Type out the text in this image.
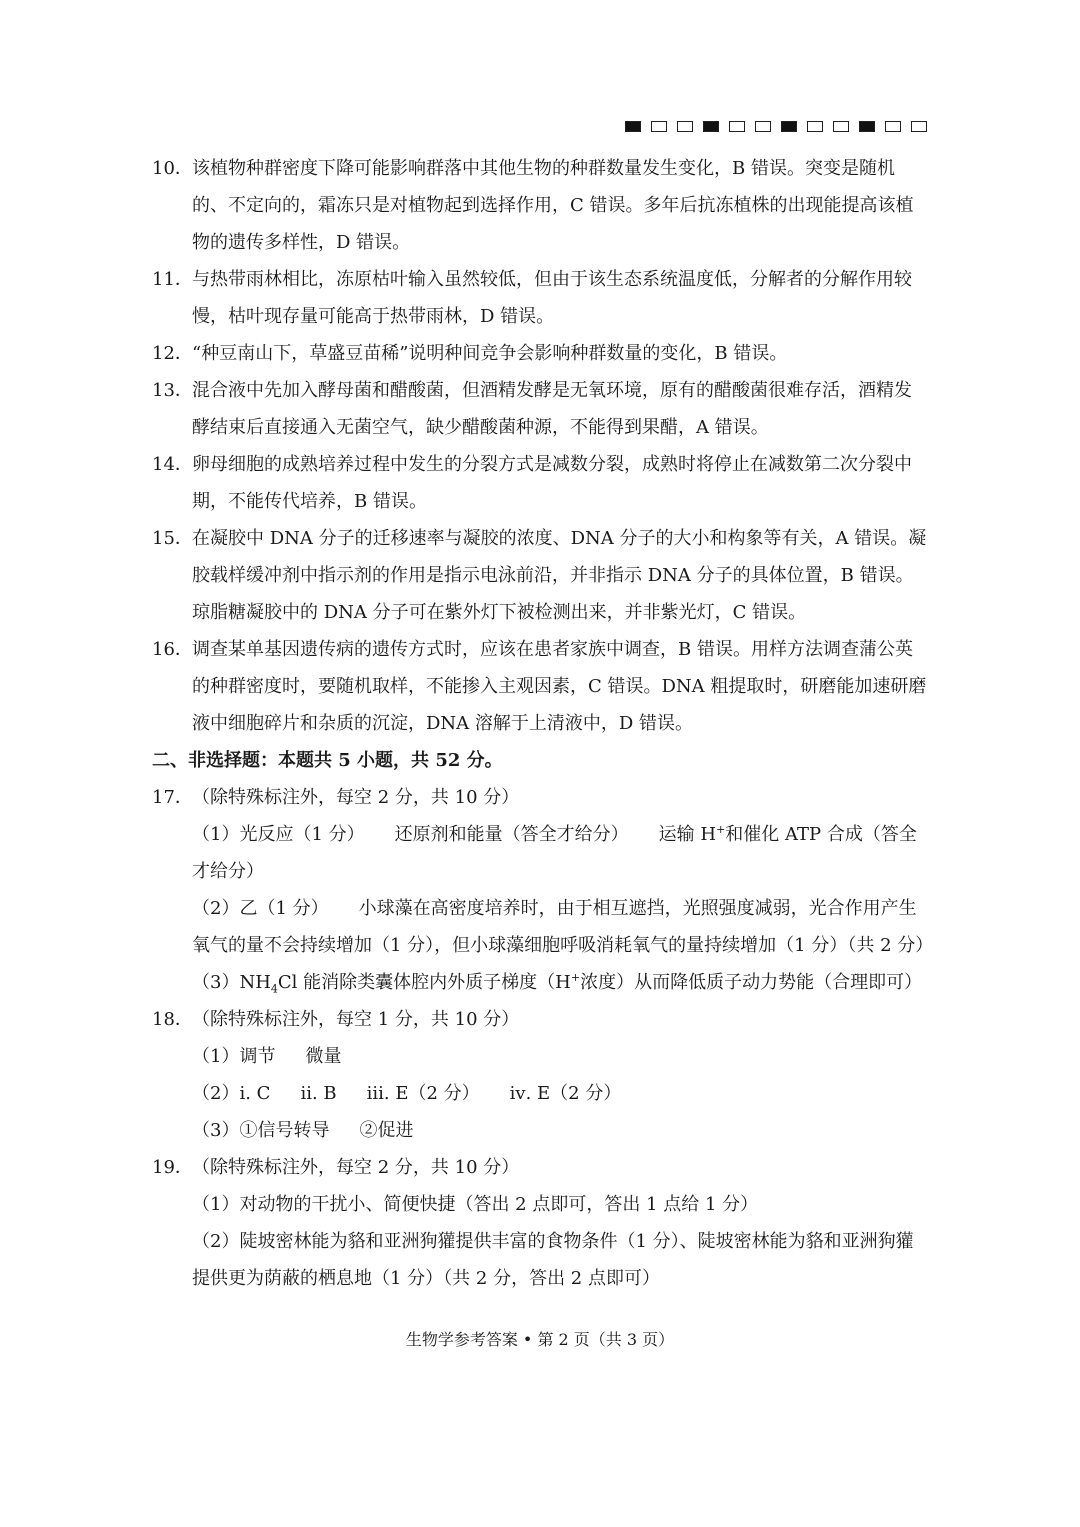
10． 该植物种群密度下降可能影响群落中其他生物的种群数量发生变化，B 错误。突变是随机的、不定向的，霜冻只是对植物起到选择作用，C 错误。多年后抗冻植株的出现能提高该植物的遗传多样性，D 错误。
11． 与热带雨林相比，冻原枯叶输入虽然较低，但由于该生态系统温度低，分解者的分解作用较慢，枯叶现存量可能高于热带雨林，D 错误。
12． “种豆南山下，草盛豆苗稀”说明种间竞争会影响种群数量的变化，B 错误。
13． 混合液中先加入酵母菌和醋酸菌，但酒精发酵是无氧环境，原有的醋酸菌很难存活，酒精发酵结束后直接通入无菌空气，缺少醋酸菌种源，不能得到果醋，A 错误。
14． 卵母细胞的成熟培养过程中发生的分裂方式是减数分裂，成熟时将停止在减数第二次分裂中期，不能传代培养，B 错误。
15． 在凝胶中 DNA 分子的迁移速率与凝胶的浓度、DNA 分子的大小和构象等有关，A 错误。凝胶载样缓冲剂中指示剂的作用是指示电泳前沿，并非指示 DNA 分子的具体位置，B 错误。琼脂糖凝胶中的 DNA 分子可在紫外灯下被检测出来，并非紫光灯，C 错误。
16． 调查某单基因遗传病的遗传方式时，应该在患者家族中调查，B 错误。用样方法调查蒲公英的种群密度时，要随机取样，不能掺入主观因素，C 错误。DNA 粗提取时，研磨能加速研磨液中细胞碎片和杂质的沉淀，DNA 溶解于上清液中，D 错误。
二、非选择题：本题共 5 小题，共 52 分。
17． （除特殊标注外，每空 2 分，共 10 分）
（1）光反应（1 分） 还原剂和能量（答全才给分） 运输 H+和催化 ATP 合成（答全才给分）
（2）乙（1 分） 小球藻在高密度培养时，由于相互遮挡，光照强度减弱，光合作用产生氧气的量不会持续增加（1 分），但小球藻细胞呼吸消耗氧气的量持续增加（1 分）（共 2 分）
$(3)NH_4Cl$ 能消除类囊体腔内外质子梯度（H+浓度）从而降低质子动力势能（合理即可）
18． （除特殊标注外，每空 1 分，共 10 分）
（1）调节 微量
（2）ⅰ. C ⅱ. B ⅲ. E（2 分） ⅳ. E（2 分）
（3）①信号转导 ②促进
19． （除特殊标注外，每空 2 分，共 10 分）
（1）对动物的干扰小、简便快捷（答出 2 点即可，答出 1 点给 1 分）
（2）陡坡密林能为貉和亚洲狗獾提供丰富的食物条件（1 分）、陡坡密林能为貉和亚洲狗獾提供更为荫蔽的栖息地（1 分）（共 2 分，答出 2 点即可）
生物学参考答案 • 第 2 页（共 3 页）
